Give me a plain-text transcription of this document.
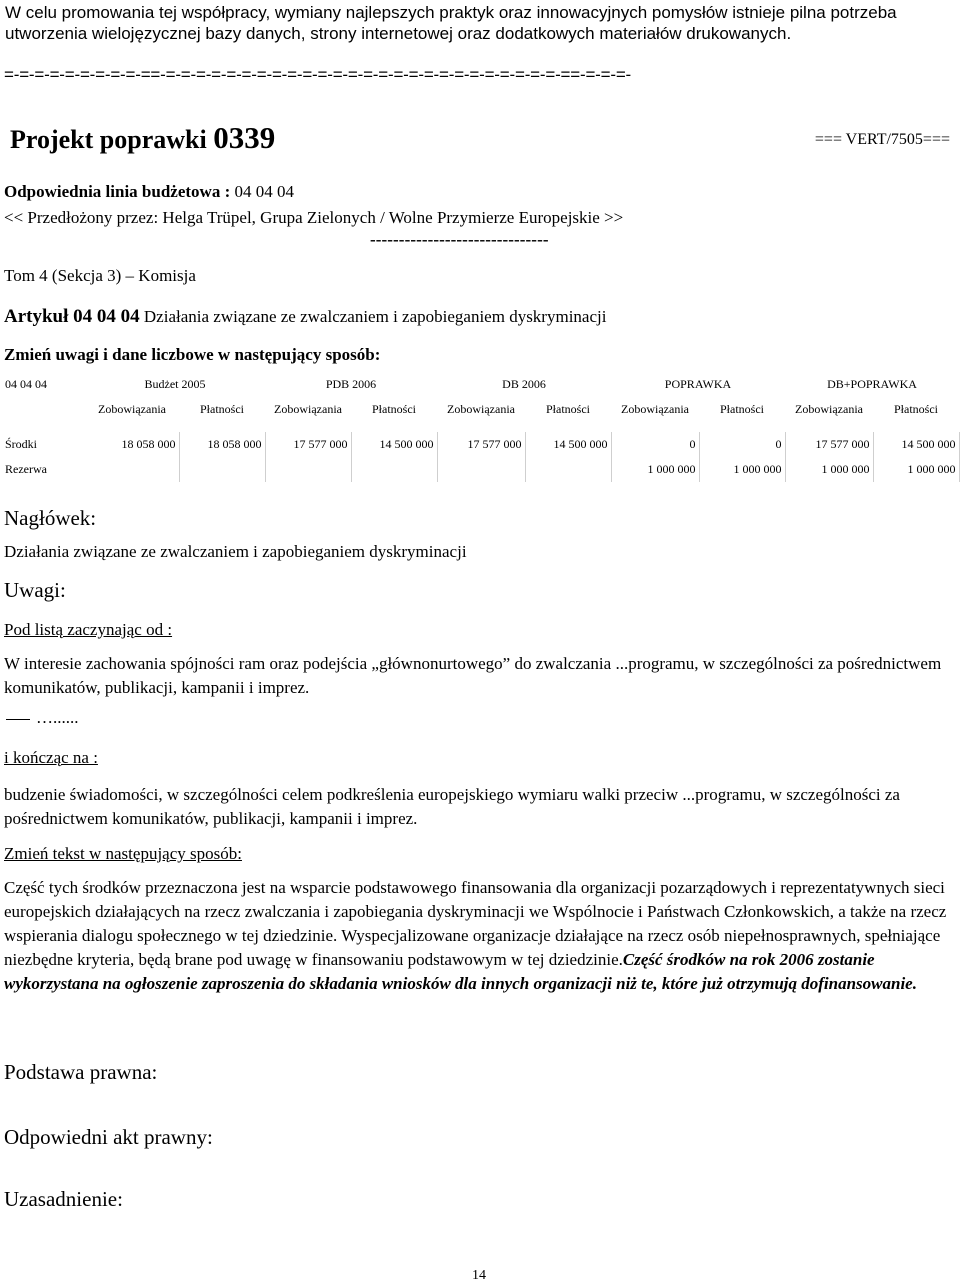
W celu promowania tej współpracy, wymiany najlepszych praktyk oraz innowacyjnych pomysłów istnieje pilna potrzeba utworzenia wielojęzycznej bazy danych, strony internetowej oraz dodatkowych materiałów drukowanych.
=-=-=-=-=-=-=-=-=-==-=-=-=-=-=-=-=-=-=-=-=-=-=-=-=-=-=-=-=-=-=-=-=-=-=-=-==-=-=-=-
Projekt poprawki 0339	=== VERT/7505===
Odpowiednia linia budżetowa : 04 04 04
<< Przedłożony przez: Helga Trüpel, Grupa Zielonych / Wolne Przymierze Europejskie >>
-------------------------------
Tom 4 (Sekcja 3) – Komisja
Artykuł 04 04 04 Działania związane ze zwalczaniem i zapobieganiem dyskryminacji
Zmień uwagi i dane liczbowe w następujący sposób:
04 04 04	Budżet 2005		PDB 2006		DB 2006		POPRAWKA		DB+POPRAWKA	
	Zobowiązania	Płatności	Zobowiązania	Płatności	Zobowiązania	Płatności	Zobowiązania	Płatności	Zobowiązania	Płatności

Środki	18 058 000	18 058 000	17 577 000	14 500 000	17 577 000	14 500 000	0	0	17 577 000	14 500 000
Rezerwa							1 000 000	1 000 000	1 000 000	1 000 000
Nagłówek:
Działania związane ze zwalczaniem i zapobieganiem dyskryminacji
Uwagi:
Pod listą zaczynając od :
W interesie zachowania spójności ram oraz podejścia „głównonurtowego” do zwalczania ...programu, w szczególności za pośrednictwem komunikatów, publikacji, kampanii i imprez.
…......
i kończąc na :
budzenie świadomości, w szczególności celem podkreślenia europejskiego wymiaru walki przeciw ...programu, w szczególności za pośrednictwem komunikatów, publikacji, kampanii i imprez.
Zmień tekst w następujący sposób:
Część tych środków przeznaczona jest na wsparcie podstawowego finansowania dla organizacji pozarządowych i reprezentatywnych sieci europejskich działających na rzecz zwalczania i zapobiegania dyskryminacji we Wspólnocie i Państwach Członkowskich, a także na rzecz wspierania dialogu społecznego w tej dziedzinie. Wyspecjalizowane organizacje działające na rzecz osób niepełnosprawnych, spełniające niezbędne kryteria, będą brane pod uwagę w finansowaniu podstawowym w tej dziedzinie.Część środków na rok 2006 zostanie wykorzystana na ogłoszenie zaproszenia do składania wniosków dla innych organizacji niż te, które już otrzymują dofinansowanie.
Podstawa prawna:
Odpowiedni akt prawny:
Uzasadnienie:
14
